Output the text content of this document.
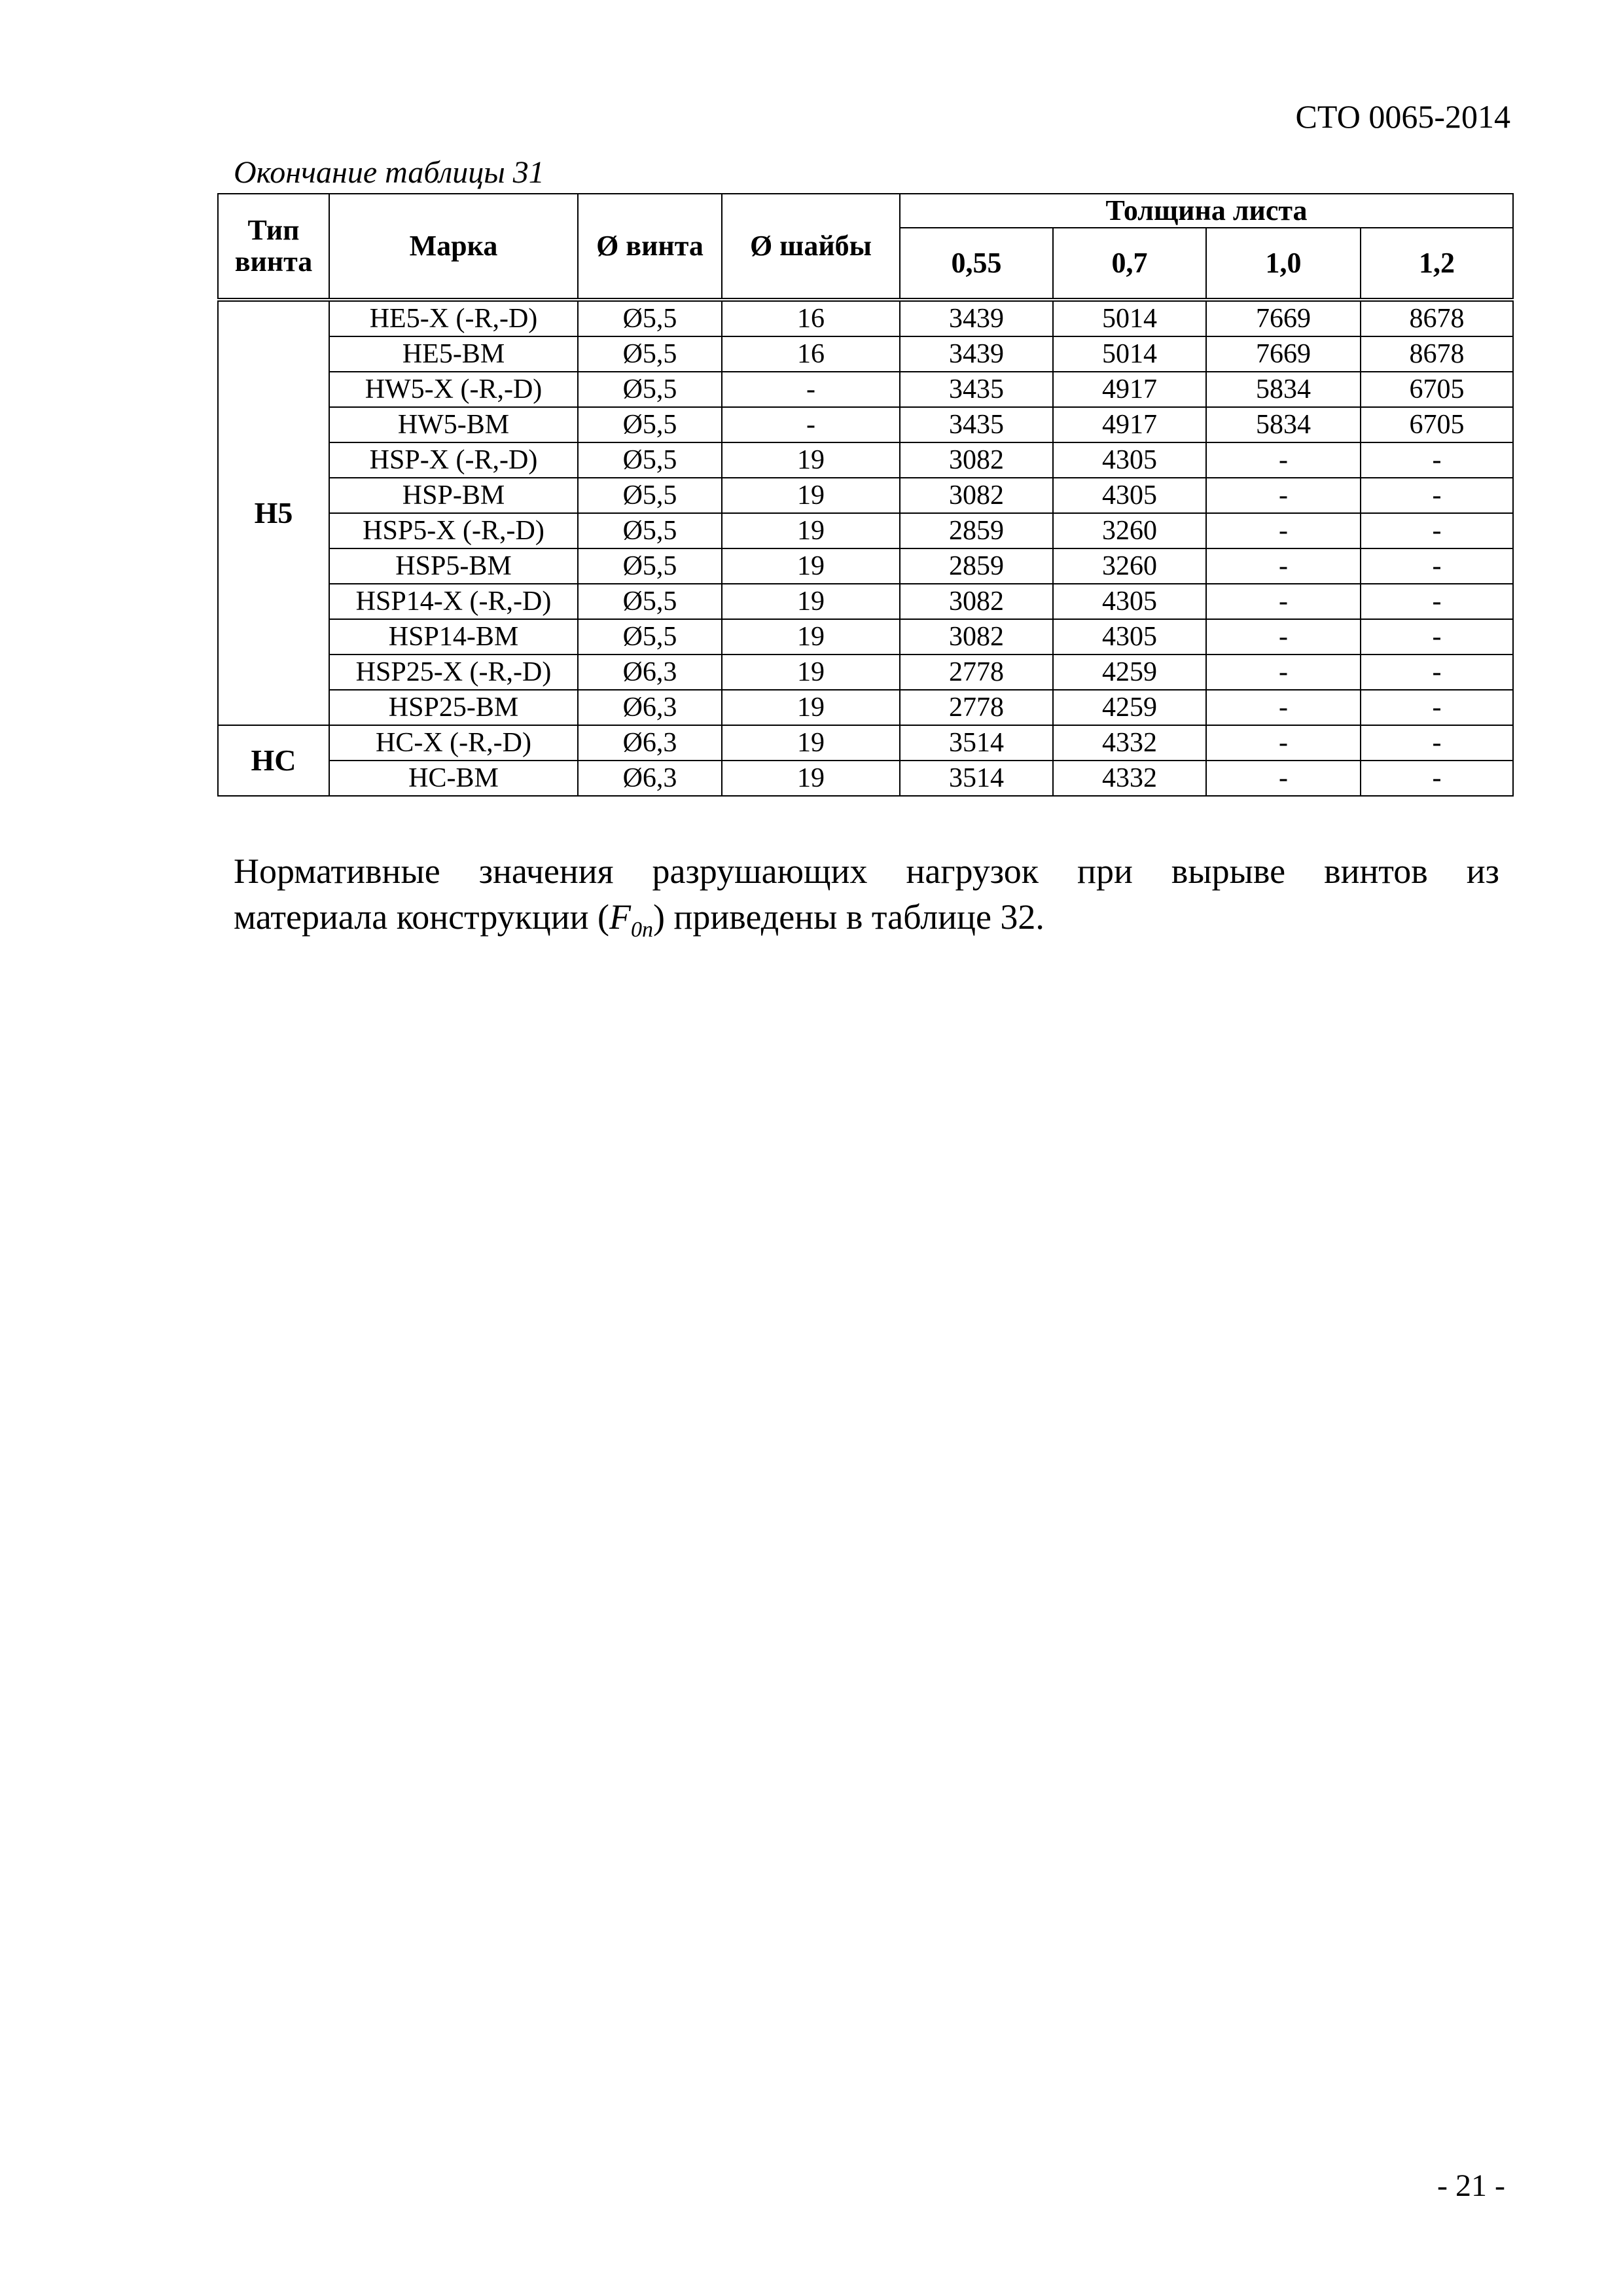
СТО 0065-2014
Окончание таблицы 31
Тип винта	Марка	Ø винта	Ø шайбы	Толщина листа			
				0,55	0,7	1,0	1,2
Н5	HE5-X (-R,-D)	Ø5,5	16	3439	5014	7669	8678
	HE5-BM	Ø5,5	16	3439	5014	7669	8678
	HW5-X (-R,-D)	Ø5,5	-	3435	4917	5834	6705
	HW5-BM	Ø5,5	-	3435	4917	5834	6705
	HSP-X (-R,-D)	Ø5,5	19	3082	4305	-	-
	HSP-BM	Ø5,5	19	3082	4305	-	-
	HSP5-X (-R,-D)	Ø5,5	19	2859	3260	-	-
	HSP5-BM	Ø5,5	19	2859	3260	-	-
	HSP14-X (-R,-D)	Ø5,5	19	3082	4305	-	-
	HSP14-BM	Ø5,5	19	3082	4305	-	-
	HSP25-X (-R,-D)	Ø6,3	19	2778	4259	-	-
	HSP25-BM	Ø6,3	19	2778	4259	-	-
НС	HC-X (-R,-D)	Ø6,3	19	3514	4332	-	-
	HC-BM	Ø6,3	19	3514	4332	-	-
Нормативные значения разрушающих нагрузок при вырыве винтов из
материала конструкции $(F_{0n})$ приведены в таблице 32.
- 21 -
